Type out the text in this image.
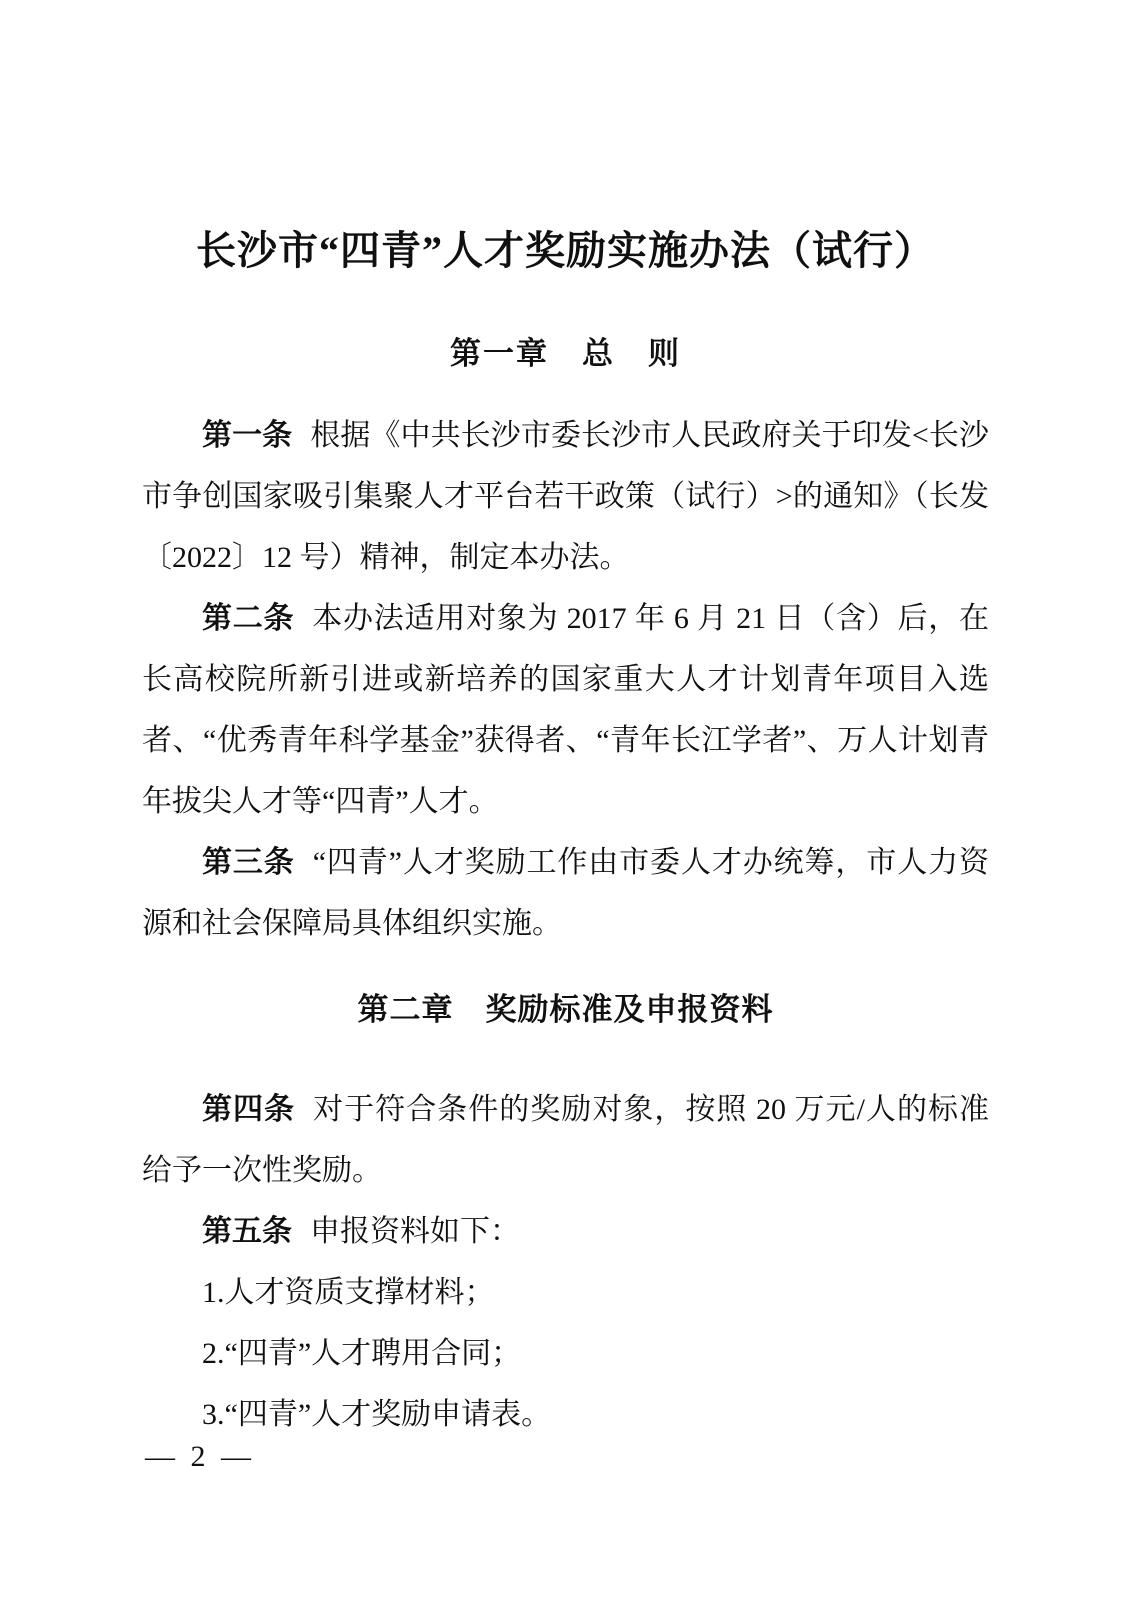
长沙市“四青”人才奖励实施办法（试行）
第一章　总　则

第一条 根据《中共长沙市委长沙市人民政府关于印发<长沙市争创国家吸引集聚人才平台若干政策（试行）>的通知》（长发〔2022〕12 号）精神，制定本办法。

第二条 本办法适用对象为 2017 年 6 月 21 日（含）后，在长高校院所新引进或新培养的国家重大人才计划青年项目入选者、“优秀青年科学基金”获得者、“青年长江学者”、万人计划青年拔尖人才等“四青”人才。

第三条 “四青”人才奖励工作由市委人才办统筹，市人力资源和社会保障局具体组织实施。

第二章　奖励标准及申报资料

第四条 对于符合条件的奖励对象，按照 20 万元/人的标准给予一次性奖励。

第五条 申报资料如下：

1.人才资质支撑材料；

2.“四青”人才聘用合同；

3.“四青”人才奖励申请表。

— 2 —
